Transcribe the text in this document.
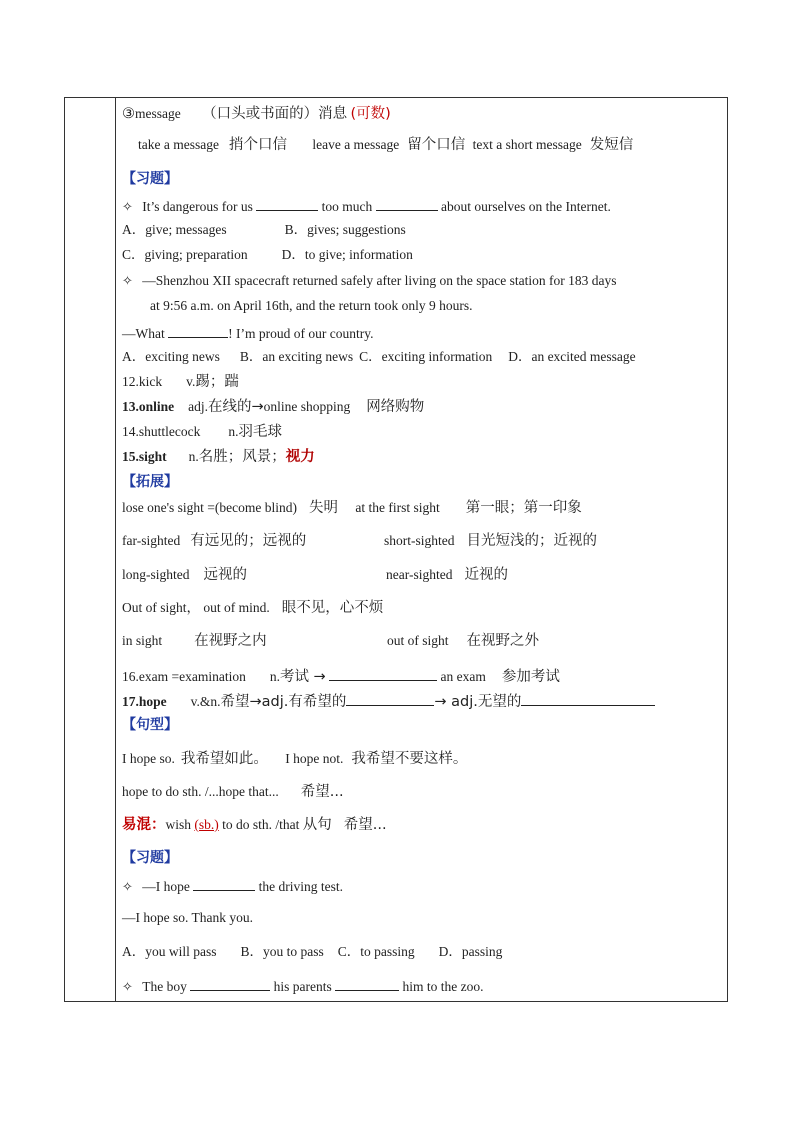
③message （口头或书面的）消息 (可数)
take a message 捎个口信 leave a message 留个口信 text a short message 发短信
【习题】
✧ It’s dangerous for us	too much	about ourselves on the Internet.
A．give; messages	B．gives; suggestions
C．giving; preparation	D．to give; information
✧ —Shenzhou XII spacecraft returned safely after living on the space station for 183 days
at 9:56 a.m. on April 16th, and the return took only 9 hours.
—What	! I’m proud of our country.
A．exciting news B．an exciting news C．exciting information D．an excited message
12.kick v.踢；踹
13.online adj.在线的→online shopping 网络购物
14.shuttlecock n.羽毛球
15.sight n.名胜；风景；视力
【拓展】
lose one's sight =(become blind) 失明 at the first sight 第一眼；第一印象
far-sighted 有远见的；远视的	short-sighted 目光短浅的；近视的
long-sighted 远视的	near-sighted 近视的
Out of sight， out of mind. 眼不见，心不烦
in sight 在视野之内	out of sight 在视野之外
16.exam =examination n.考试 →	an exam 参加考试
17.hope v.&n.希望→adj.有希望的	→ adj.无望的
【句型】
I hope so. 我希望如此。 I hope not. 我希望不要这样。
hope to do sth. /...hope that... 希望...
易混：wish (sb.) to do sth. /that 从句 希望...
【习题】
✧ —I hope	the driving test.
—I hope so. Thank you.
A．you will pass B．you to pass C．to passing D．passing
✧ The boy	his parents	him to the zoo.
